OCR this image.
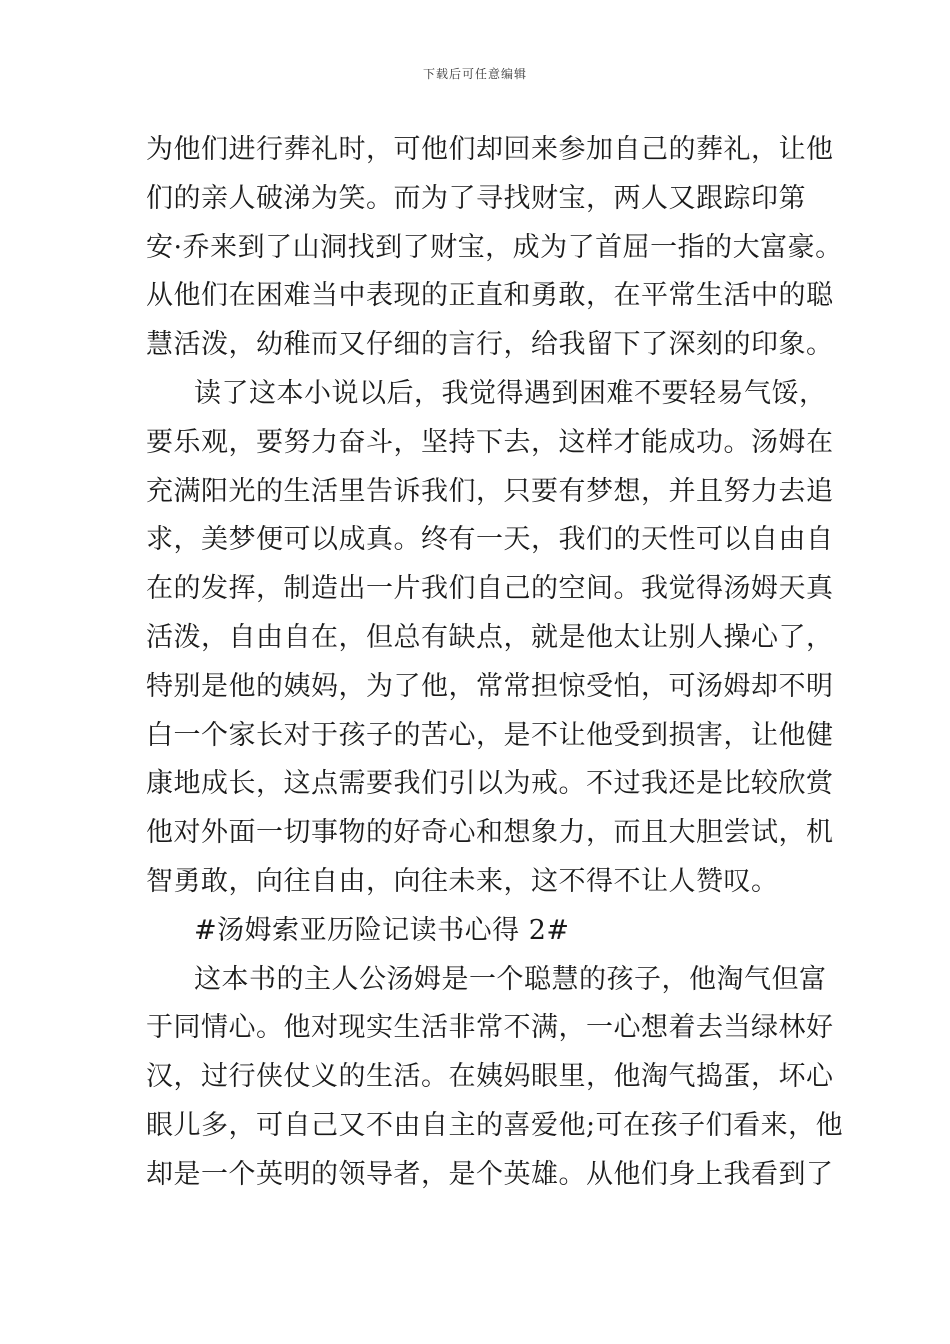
下载后可任意编辑
为他们进行葬礼时，可他们却回来参加自己的葬礼，让他
们的亲人破涕为笑。而为了寻找财宝，两人又跟踪印第
安·乔来到了山洞找到了财宝，成为了首屈一指的大富豪。
从他们在困难当中表现的正直和勇敢，在平常生活中的聪
慧活泼，幼稚而又仔细的言行，给我留下了深刻的印象。
读了这本小说以后，我觉得遇到困难不要轻易气馁，
要乐观，要努力奋斗，坚持下去，这样才能成功。汤姆在
充满阳光的生活里告诉我们，只要有梦想，并且努力去追
求，美梦便可以成真。终有一天，我们的天性可以自由自
在的发挥，制造出一片我们自己的空间。我觉得汤姆天真
活泼，自由自在，但总有缺点，就是他太让别人操心了，
特别是他的姨妈，为了他，常常担惊受怕，可汤姆却不明
白一个家长对于孩子的苦心，是不让他受到损害，让他健
康地成长，这点需要我们引以为戒。不过我还是比较欣赏
他对外面一切事物的好奇心和想象力，而且大胆尝试，机
智勇敢，向往自由，向往未来，这不得不让人赞叹。
#汤姆索亚历险记读书心得 2#
这本书的主人公汤姆是一个聪慧的孩子，他淘气但富
于同情心。他对现实生活非常不满，一心想着去当绿林好
汉，过行侠仗义的生活。在姨妈眼里，他淘气捣蛋，坏心
眼儿多，可自己又不由自主的喜爱他;可在孩子们看来，他
却是一个英明的领导者，是个英雄。从他们身上我看到了
